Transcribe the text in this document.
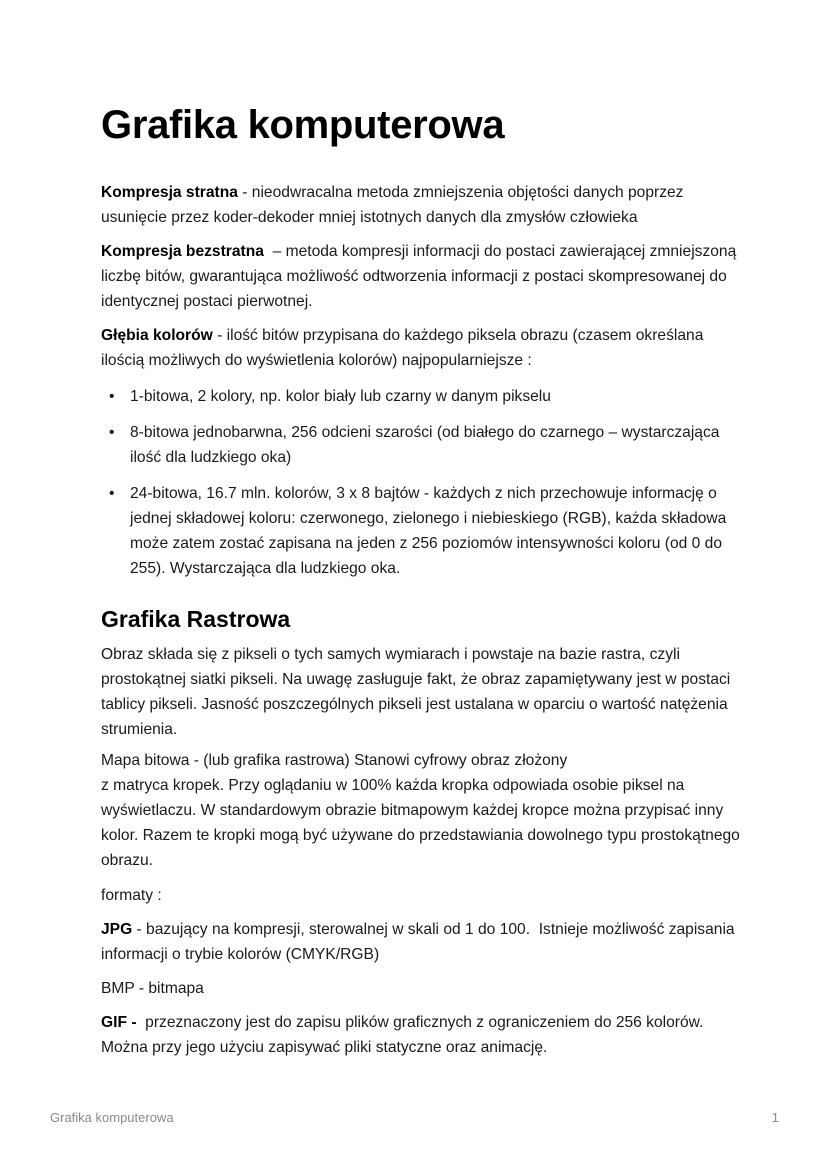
Grafika komputerowa

Kompresja stratna - nieodwracalna metoda zmniejszenia objętości danych poprzez usunięcie przez koder-dekoder mniej istotnych danych dla zmysłów człowieka

Kompresja bezstratna  – metoda kompresji informacji do postaci zawierającej zmniejszoną liczbę bitów, gwarantująca możliwość odtworzenia informacji z postaci skompresowanej do identycznej postaci pierwotnej.

Głębia kolorów - ilość bitów przypisana do każdego piksela obrazu (czasem określana ilością możliwych do wyświetlenia kolorów) najpopularniejsze :

• 1-bitowa, 2 kolory, np. kolor biały lub czarny w danym pikselu
• 8-bitowa jednobarwna, 256 odcieni szarości (od białego do czarnego – wystarczająca ilość dla ludzkiego oka)
• 24-bitowa, 16.7 mln. kolorów, 3 x 8 bajtów - każdych z nich przechowuje informację o jednej składowej koloru: czerwonego, zielonego i niebieskiego (RGB), każda składowa może zatem zostać zapisana na jeden z 256 poziomów intensywności koloru (od 0 do 255). Wystarczająca dla ludzkiego oka.
Grafika Rastrowa

Obraz składa się z pikseli o tych samych wymiarach i powstaje na bazie rastra, czyli prostokątnej siatki pikseli. Na uwagę zasługuje fakt, że obraz zapamiętywany jest w postaci tablicy pikseli. Jasność poszczególnych pikseli jest ustalana w oparciu o wartość natężenia strumienia.

Mapa bitowa - (lub grafika rastrowa) Stanowi cyfrowy obraz złożony
z matryca kropek. Przy oglądaniu w 100% każda kropka odpowiada osobie piksel na wyświetlaczu. W standardowym obrazie bitmapowym każdej kropce można przypisać inny kolor. Razem te kropki mogą być używane do przedstawiania dowolnego typu prostokątnego obrazu.

formaty :

JPG - bazujący na kompresji, sterowalnej w skali od 1 do 100.  Istnieje możliwość zapisania informacji o trybie kolorów (CMYK/RGB)

BMP - bitmapa

GIF -  przeznaczony jest do zapisu plików graficznych z ograniczeniem do 256 kolorów. Można przy jego użyciu zapisywać pliki statyczne oraz animację.

Grafika komputerowa	1
